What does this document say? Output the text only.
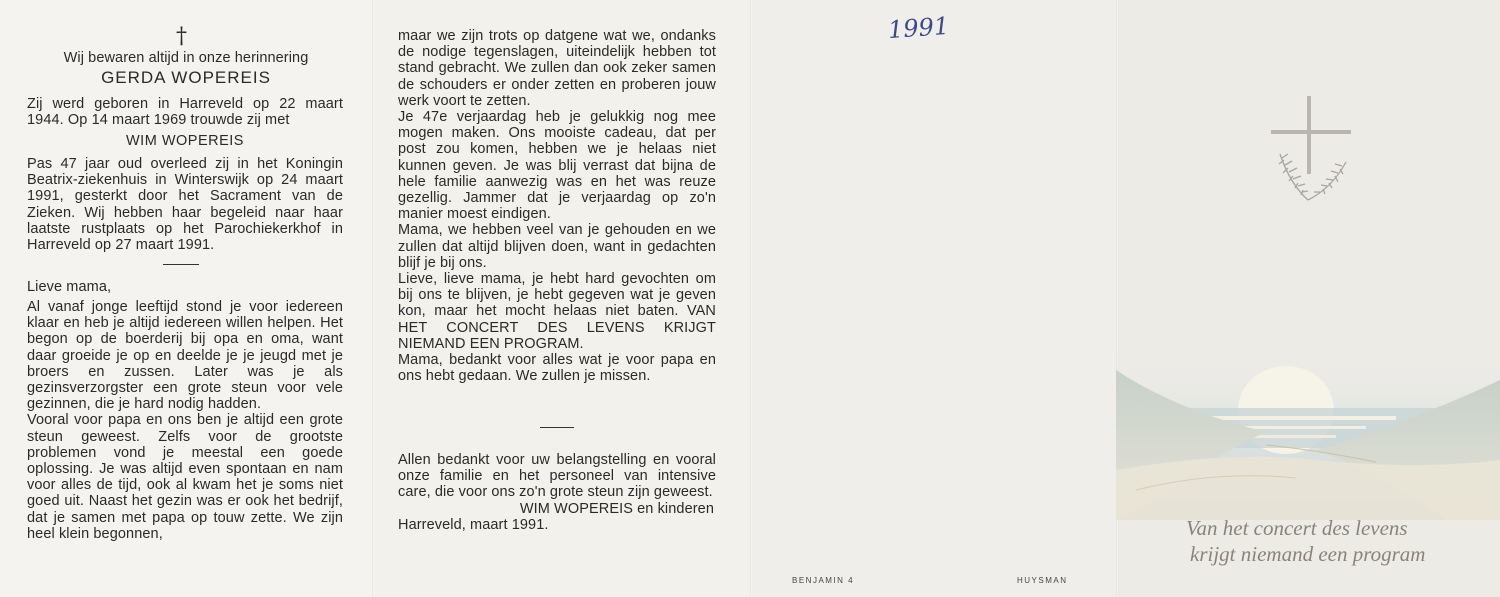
†
Wij bewaren altijd in onze herinnering
GERDA WOPEREIS
Zij werd geboren in Harreveld op 22 maart 1944. Op 14 maart 1969 trouwde zij met
WIM WOPEREIS
Pas 47 jaar oud overleed zij in het Koningin Beatrix-ziekenhuis in Winterswijk op 24 maart 1991, gesterkt door het Sacrament van de Zieken. Wij hebben haar begeleid naar haar laatste rustplaats op het Parochiekerkhof in Harreveld op 27 maart 1991.
Lieve mama,
Al vanaf jonge leeftijd stond je voor iedereen klaar en heb je altijd iedereen willen helpen. Het begon op de boerderij bij opa en oma, want daar groeide je op en deelde je je jeugd met je broers en zussen. Later was je als gezinsverzorgster een grote steun voor vele gezinnen, die je hard nodig hadden.
Vooral voor papa en ons ben je altijd een grote steun geweest. Zelfs voor de grootste problemen vond je meestal een goede oplossing. Je was altijd even spontaan en nam voor alles de tijd, ook al kwam het je soms niet goed uit. Naast het gezin was er ook het bedrijf, dat je samen met papa op touw zette. We zijn heel klein begonnen,
maar we zijn trots op datgene wat we, ondanks de nodige tegenslagen, uiteindelijk hebben tot stand gebracht. We zullen dan ook zeker samen de schouders er onder zetten en proberen jouw werk voort te zetten.
Je 47e verjaardag heb je gelukkig nog mee mogen maken. Ons mooiste cadeau, dat per post zou komen, hebben we je helaas niet kunnen geven. Je was blij verrast dat bijna de hele familie aanwezig was en het was reuze gezellig. Jammer dat je verjaardag op zo'n manier moest eindigen.
Mama, we hebben veel van je gehouden en we zullen dat altijd blijven doen, want in gedachten blijf je bij ons.
Lieve, lieve mama, je hebt hard gevochten om bij ons te blijven, je hebt gegeven wat je geven kon, maar het mocht helaas niet baten. VAN HET CONCERT DES LEVENS KRIJGT NIEMAND EEN PROGRAM.
Mama, bedankt voor alles wat je voor papa en ons hebt gedaan. We zullen je missen.
Allen bedankt voor uw belangstelling en vooral onze familie en het personeel van intensive care, die voor ons zo'n grote steun zijn geweest.
WIM WOPEREIS en kinderen
Harreveld, maart 1991.
1991
BENJAMIN 4	HUYSMAN
Van het concert des levens
krijgt niemand een program
